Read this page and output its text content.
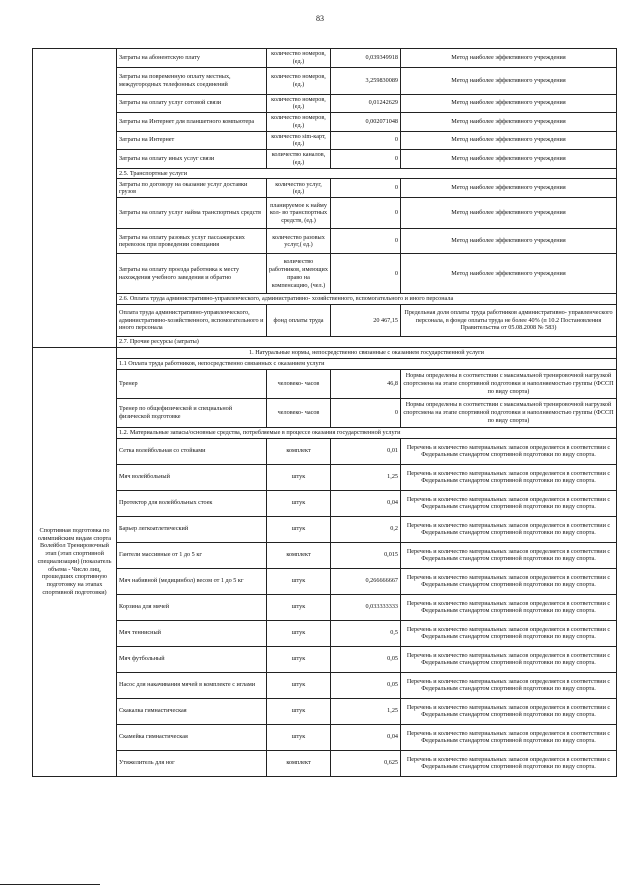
83
	Затраты на абонентскую плату	количество номеров, (ед.)	0,039349918	Метод наиболее эффективного учреждения
	Затраты на повременную оплату местных, междугородных телефонных соединений	количество номеров, (ед.)	3,259830089	Метод наиболее эффективного учреждения
	Затраты на оплату услуг сотовой связи	количество номеров, (ед.)	0,01242629	Метод наиболее эффективного учреждения
	Затраты на Интернет для планшетного компьютера	количество номеров, (ед.)	0,002071048	Метод наиболее эффективного учреждения
	Затраты на Интернет	количество sim-карт, (ед.)	0	Метод наиболее эффективного учреждения
	Затраты на оплату иных услуг связи	количество каналов, (ед.)	0	Метод наиболее эффективного учреждения
	2.5. Транспортные услуги			
	Затраты по договору на оказание услуг доставки грузов	количество услуг, (ед.)	0	Метод наиболее эффективного учреждения
	Затраты на оплату услуг найма транспортных средств	планируемое к найму кол- во транспортных средств, (ед.)	0	Метод наиболее эффективного учреждения
	Затраты на оплату разовых услуг пассажирских перевозок при проведении совещания	количество разовых услуг,( ед.)	0	Метод наиболее эффективного учреждения
	Затраты на оплату проезда работника к месту нахождения учебного заведения и обратно	количество работников, имеющих право на компенсацию, (чел.)	0	Метод наиболее эффективного учреждения
	2.6. Оплата труда административно-управленческого, административно- хозяйственного, вспомогательного и иного персонала			
	Оплата труда административно-управленческого, административно-хозяйственного, вспомогательного и иного персонала	фонд оплаты труда	20 467,15	Предельная доля оплаты труда работников административно- управленческого персонала, в фонде оплаты труда не более 40% (п 10.2 Постановления Правительства от 05.08.2008 № 583)
	2.7. Прочие ресурсы (затраты)			
Спортивная подготовка по олимпийским видам спорта Волейбол Тренировочный этап (этап спортивной специализации) (показатель объема - Число лиц, прошедших спортивную подготовку на этапах спортивной подготовки)	1. Натуральные нормы, непосредственно связанные с оказанием государственной услуги			
	1.1 Оплата труда работников, непосредственно связанных с оказанием услуги			
	Тренер	человеко- часов	46,8	Нормы определены в соответствии с максимальной тренировочной нагрузкой спортсмена на этапе спортивной подготовки и наполняемостью группы (ФССП по виду спорта)
	Тренер по общефизической и специальной физической подготовке	человеко- часов	0	Нормы определены в соответствии с максимальной тренировочной нагрузкой спортсмена на этапе спортивной подготовки и наполняемостью группы (ФССП по виду спорта)
	1.2. Материальные запасы/основные средства, потребляемые в процессе оказания государственной услуги			
	Сетка волейбольная со стойками	комплект	0,01	Перечень и количество материальных запасов определяется в соответствии с Федеральным стандартом спортивной подготовки по виду спорта.
	Мяч волейбольный	штук	1,25	Перечень и количество материальных запасов определяется в соответствии с Федеральным стандартом спортивной подготовки по виду спорта.
	Протектор для волейбольных стоек	штук	0,04	Перечень и количество материальных запасов определяется в соответствии с Федеральным стандартом спортивной подготовки по виду спорта.
	Барьер легкоатлетический	штук	0,2	Перечень и количество материальных запасов определяется в соответствии с Федеральным стандартом спортивной подготовки по виду спорта.
	Гантели массивные от 1 до 5 кг	комплект	0,015	Перечень и количество материальных запасов определяется в соответствии с Федеральным стандартом спортивной подготовки по виду спорта.
	Мяч набивной (медицинбол) весом от 1 до 5 кг	штук	0,266666667	Перечень и количество материальных запасов определяется в соответствии с Федеральным стандартом спортивной подготовки по виду спорта.
	Корзина для мячей	штук	0,033333333	Перечень и количество материальных запасов определяется в соответствии с Федеральным стандартом спортивной подготовки по виду спорта.
	Мяч теннисный	штук	0,5	Перечень и количество материальных запасов определяется в соответствии с Федеральным стандартом спортивной подготовки по виду спорта.
	Мяч футбольный	штук	0,05	Перечень и количество материальных запасов определяется в соответствии с Федеральным стандартом спортивной подготовки по виду спорта.
	Насос для накачивания мячей в комплекте с иглами	штук	0,05	Перечень и количество материальных запасов определяется в соответствии с Федеральным стандартом спортивной подготовки по виду спорта.
	Скакалка гимнастическая	штук	1,25	Перечень и количество материальных запасов определяется в соответствии с Федеральным стандартом спортивной подготовки по виду спорта.
	Скамейка гимнастическая	штук	0,04	Перечень и количество материальных запасов определяется в соответствии с Федеральным стандартом спортивной подготовки по виду спорта.
	Утяжелитель для ног	комплект	0,625	Перечень и количество материальных запасов определяется в соответствии с Федеральным стандартом спортивной подготовки по виду спорта.
